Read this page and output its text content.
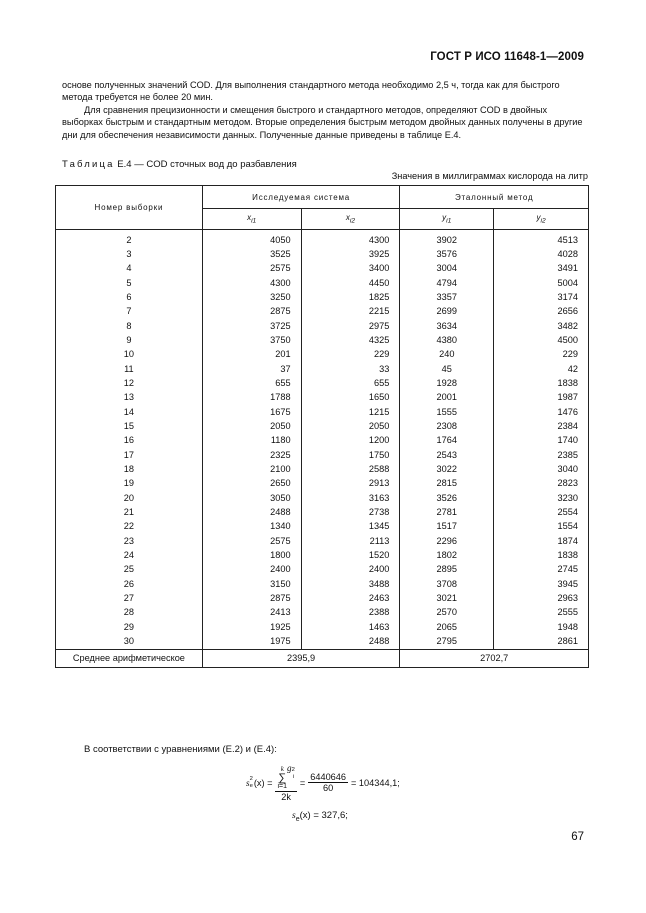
ГОСТ Р ИСО 11648-1—2009
основе полученных значений COD. Для выполнения стандартного метода необходимо 2,5 ч, тогда как для быстрого метода требуется не более 20 мин.
Для сравнения прецизионности и смещения быстрого и стандартного методов, определяют COD в двойных выборках быстрым и стандартным методом. Вторые определения быстрым методом двойных данных получены в другие дни для обеспечения независимости данных. Полученные данные приведены в таблице Е.4.
Таблица Е.4 — COD сточных вод до разбавления
Значения в миллиграммах кислорода на литр
Номер выборки	Исследуемая система		Эталонный метод	
	$x_{i1}$	$x_{i2}$	$y_{i1}$	$y_{i2}$
2	4050	4300	3902	4513
3	3525	3925	3576	4028
4	2575	3400	3004	3491
5	4300	4450	4794	5004
6	3250	1825	3357	3174
7	2875	2215	2699	2656
8	3725	2975	3634	3482
9	3750	4325	4380	4500
10	201	229	240	229
11	37	33	45	42
12	655	655	1928	1838
13	1788	1650	2001	1987
14	1675	1215	1555	1476
15	2050	2050	2308	2384
16	1180	1200	1764	1740
17	2325	1750	2543	2385
18	2100	2588	3022	3040
19	2650	2913	2815	2823
20	3050	3163	3526	3230
21	2488	2738	2781	2554
22	1340	1345	1517	1554
23	2575	2113	2296	1874
24	1800	1520	1802	1838
25	2400	2400	2895	2745
26	3150	3488	3708	3945
27	2875	2463	3021	2963
28	2413	2388	2570	2555
29	1925	1463	2065	1948
30	1975	2488	2795	2861
Среднее арифметическое	2395,9		2702,7	
В соответствии с уравнениями (Е.2) и (Е.4):
s 2
e (x) = k
∑
i=1
g 2
i
$2k = \frac{6440646}{60} = 104344,1$;
$s_e(x) = 327,6$;
67
